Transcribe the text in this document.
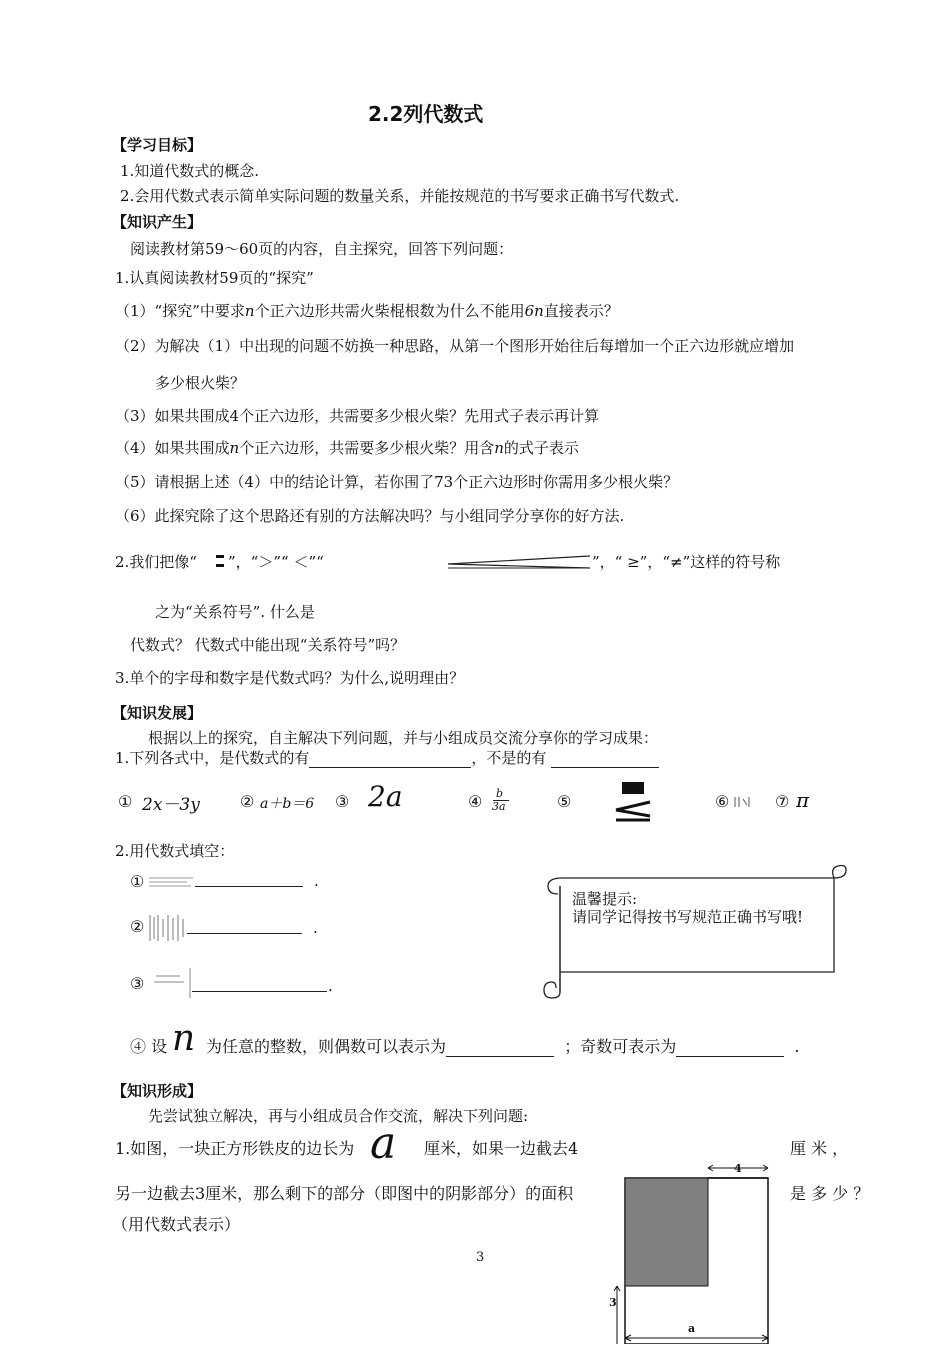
2.2列代数式
【学习目标】
1.知道代数式的概念.
2.会用代数式表示简单实际问题的数量关系，并能按规范的书写要求正确书写代数式.
【知识产生】
阅读教材第59～60页的内容，自主探究，回答下列问题：
1.认真阅读教材59页的“探究”
（1）“探究”中要求n个正六边形共需火柴棍根数为什么不能用6n直接表示？
（2）为解决（1）中出现的问题不妨换一种思路，从第一个图形开始往后每增加一个正六边形就应增加
多少根火柴？
（3）如果共围成4个正六边形，共需要多少根火柴？先用式子表示再计算
（4）如果共围成n个正六边形，共需要多少根火柴？用含n的式子表示
（5）请根据上述（4）中的结论计算，若你围了73个正六边形时你需用多少根火柴？
（6）此探究除了这个思路还有别的方法解决吗？与小组同学分享你的好方法.
2.我们把像“ ”，“＞”“ ＜”“	”，“ ≥”，“≠”这样的符号称
之为“关系符号”. 什么是
代数式？ 代数式中能出现“关系符号”吗？
3.单个的字母和数字是代数式吗？为什么,说明理由？
【知识发展】
根据以上的探究，自主解决下列问题，并与小组成员交流分享你的学习成果：
1.下列各式中，是代数式的有	，不是的有
① 2x－3y	② a＋b＝6 ③ 2a	④ b
3a	⑤	⑥	⑦ π
2.用代数式填空：
①	.
②	.
③	.
温馨提示:
请同学记得按书写规范正确书写哦!
④ 设 n 为任意的整数，则偶数可以表示为	；奇数可表示为	.
【知识形成】
先尝试独立解决，再与小组成员合作交流，解决下列问题:
1.如图，一块正方形铁皮的边长为 a 厘米，如果一边截去4	厘 米 ，
另一边截去3厘米，那么剩下的部分（即图中的阴影部分）的面积	是 多 少 ？
（用代数式表示）
4
3
a
3
